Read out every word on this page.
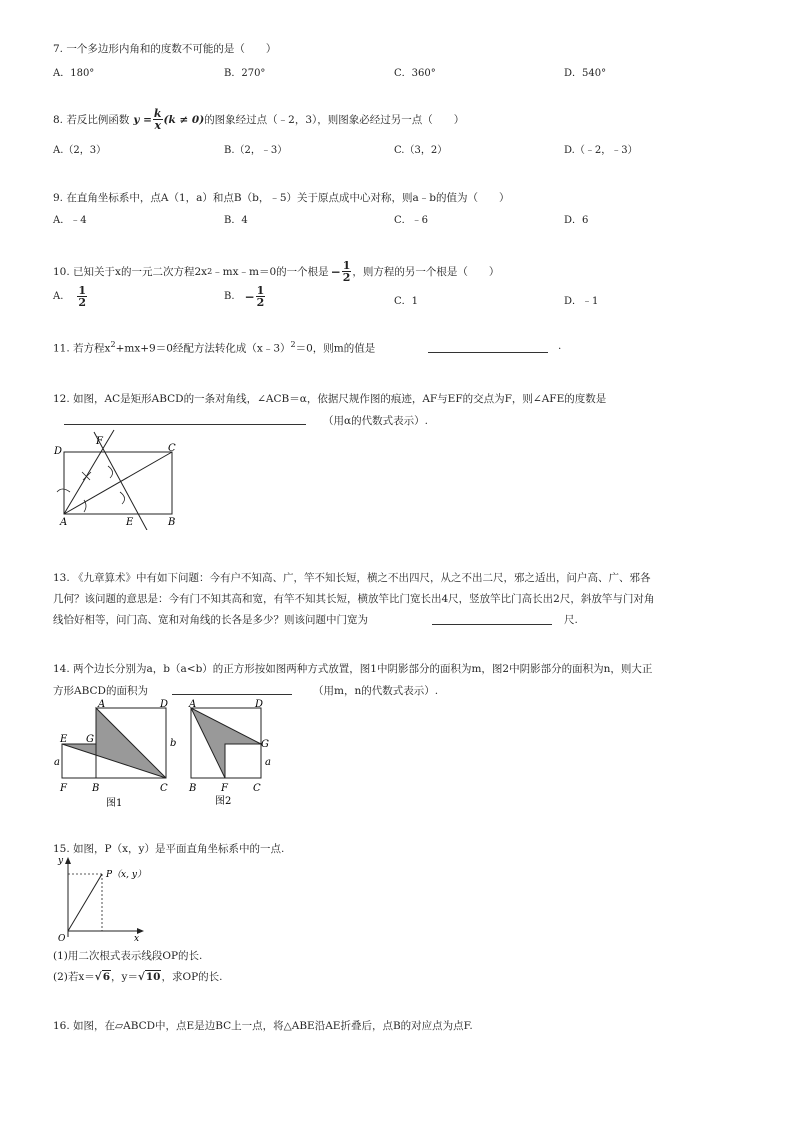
7. 一个多边形内角和的度数不可能的是（　　）
A．180°	B．270°	C．360°	D．540°
8. 若反比例函数 $y = \frac{k}{x} (k \ne 0)$ 的图象经过点（﹣2，3），则图象必经过另一点（　　）
A.（2，3）	B.（2，﹣3）	C.（3，2）	D.（﹣2，﹣3）
9. 在直角坐标系中，点A（1，a）和点B（b，﹣5）关于原点成中心对称，则a﹣b的值为（　　）
A．﹣4	B．4	C．﹣6	D．6
10. 已知关于x的一元二次方程2x 2 ﹣mx﹣m＝0的一个根是 − $\frac{1}{2}$ ，则方程的另一个根是（　　）
A. $\frac{1}{2}$	B. − $\frac{1}{2}$	C．1	D．﹣1
11. 若方程$x^2+mx+9=0$经配方法转化成（x﹣3）$^2$＝0，则m的值是	.
12. 如图，AC是矩形ABCD的一条对角线，∠ACB＝α，依据尺规作图的痕迹，AF与EF的交点为F，则∠AFE的度数是
（用α的代数式表示）.
D
F
C
A	E	B
13. 《九章算术》中有如下问题：今有户不知高、广，竿不知长短，横之不出四尺，从之不出二尺，邪之适出，问户高、广、邪各
几何？该问题的意思是：今有门不知其高和宽，有竿不知其长短，横放竿比门宽长出4尺，竖放竿比门高长出2尺，斜放竿与门对角
线恰好相等，问门高、宽和对角线的长各是多少？则该问题中门宽为	尺.
14. 两个边长分别为a，b（a<b）的正方形按如图两种方式放置，图1中阴影部分的面积为m，图2中阴影部分的面积为n，则大正
方形ABCD的面积为	（用m，n的代数式表示）.
A	D
E G	b
a
F	B	C
图1
A	D
G
a
B F	C
图2
15. 如图，P（x，y）是平面直角坐标系中的一点.
y
P（x, y）
O	x
(1)用二次根式表示线段OP的长.
(2)若x＝ √ 6 ，y＝ √ 10 ，求OP的长.
16. 如图，在▱ABCD中，点E是边BC上一点，将△ABE沿AE折叠后，点B的对应点为点F.
